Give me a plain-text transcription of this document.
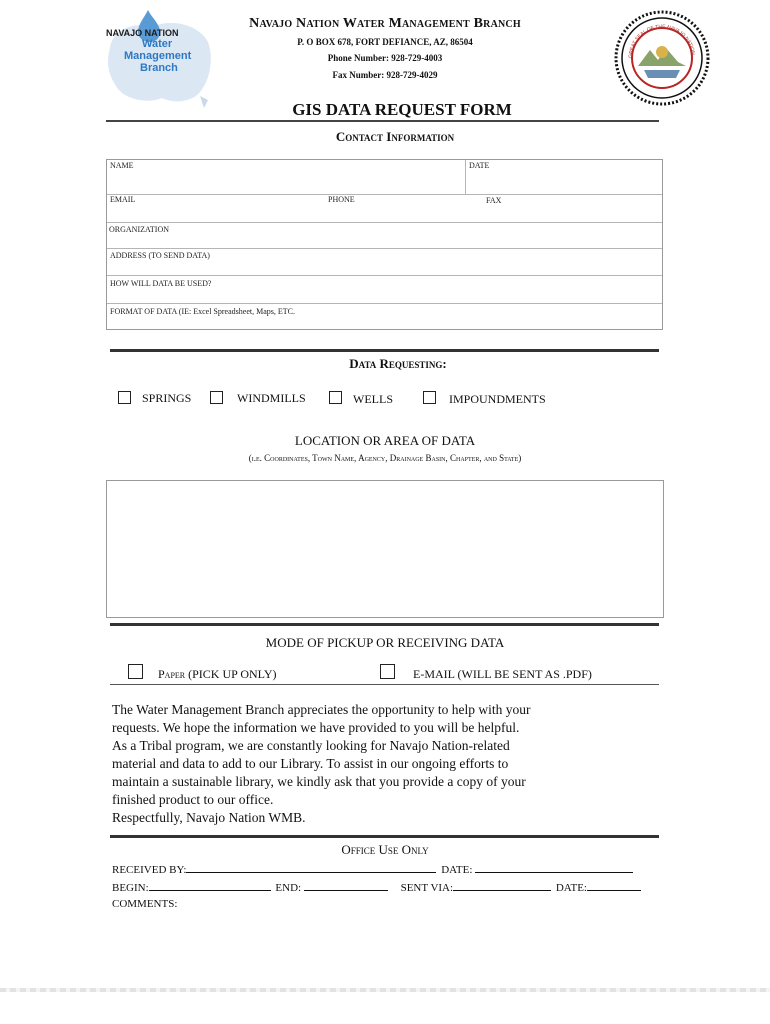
NAVAJO NATION
Water
Management
Branch
Navajo Nation Water Management Branch
P. O BOX 678, FORT DEFIANCE, AZ, 86504
Phone Number: 928-729-4003
Fax Number: 928-729-4029
GREAT SEAL OF THE NAVAJO NATION
GIS DATA REQUEST FORM
Contact Information
NAME	DATE
EMAIL	PHONE	FAX
ORGANIZATION
ADDRESS (TO SEND DATA)
HOW WILL DATA BE USED?
FORMAT OF DATA (IE: Excel Spreadsheet, Maps, ETC.
Data Requesting:
SPRINGS	WINDMILLS	WELLS	IMPOUNDMENTS
LOCATION OR AREA OF DATA
(i.e. Coordinates, Town Name, Agency, Drainage Basin, Chapter, and State)
MODE OF PICKUP OR RECEIVING DATA
Paper (PICK UP ONLY)	E-MAIL (WILL BE SENT AS .PDF)

The Water Management Branch appreciates the opportunity to help with your

requests. We hope the information we have provided to you will be helpful.

As a Tribal program, we are constantly looking for Navajo Nation-related

material and data to add to our Library. To assist in our ongoing efforts to

maintain a sustainable library, we kindly ask that you provide a copy of your

finished product to our office.

Respectfully, Navajo Nation WMB.

Office Use Only
RECEIVED BY:	DATE:
BEGIN:	END:	SENT VIA:	DATE:
COMMENTS:
